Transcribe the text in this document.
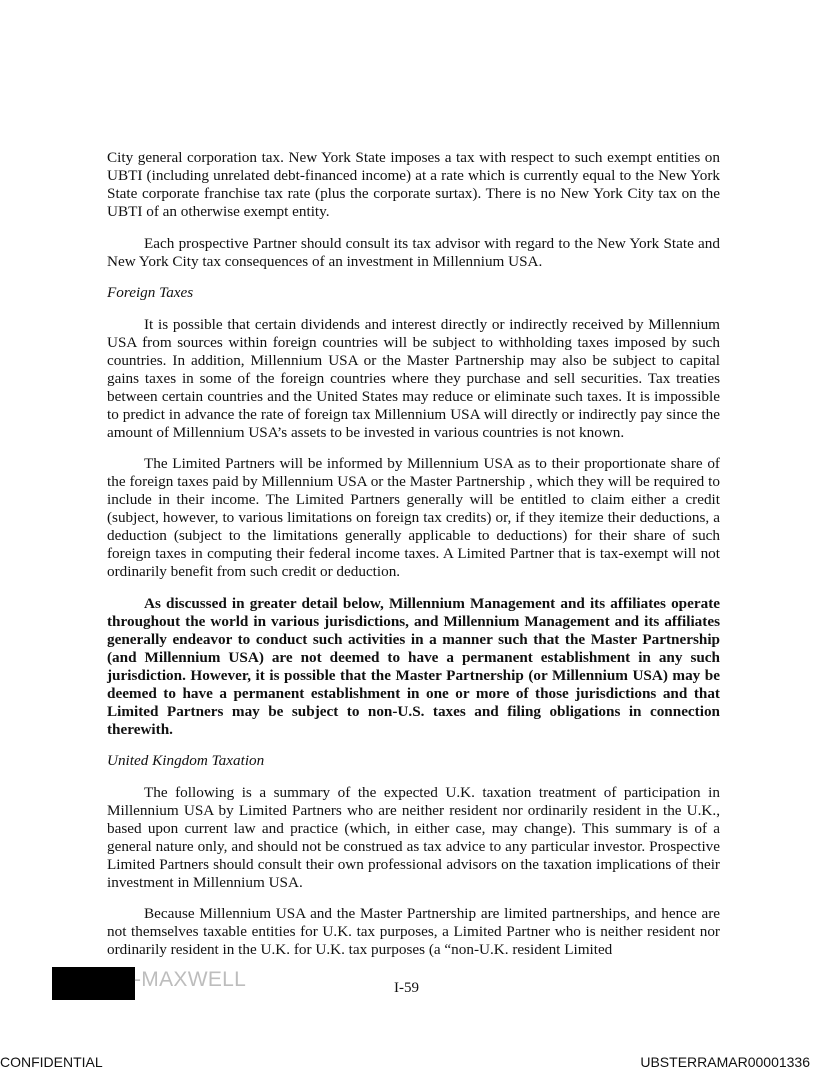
City general corporation tax. New York State imposes a tax with respect to such exempt entities on UBTI (including unrelated debt-financed income) at a rate which is currently equal to the New York State corporate franchise tax rate (plus the corporate surtax). There is no New York City tax on the UBTI of an otherwise exempt entity.

Each prospective Partner should consult its tax advisor with regard to the New York State and New York City tax consequences of an investment in Millennium USA.

Foreign Taxes

It is possible that certain dividends and interest directly or indirectly received by Millennium USA from sources within foreign countries will be subject to withholding taxes imposed by such countries. In addition, Millennium USA or the Master Partnership may also be subject to capital gains taxes in some of the foreign countries where they purchase and sell securities. Tax treaties between certain countries and the United States may reduce or eliminate such taxes. It is impossible to predict in advance the rate of foreign tax Millennium USA will directly or indirectly pay since the amount of Millennium USA’s assets to be invested in various countries is not known.

The Limited Partners will be informed by Millennium USA as to their proportionate share of the foreign taxes paid by Millennium USA or the Master Partnership , which they will be required to include in their income. The Limited Partners generally will be entitled to claim either a credit (subject, however, to various limitations on foreign tax credits) or, if they itemize their deductions, a deduction (subject to the limitations generally applicable to deductions) for their share of such foreign taxes in computing their federal income taxes. A Limited Partner that is tax-exempt will not ordinarily benefit from such credit or deduction.

As discussed in greater detail below, Millennium Management and its affiliates operate throughout the world in various jurisdictions, and Millennium Management and its affiliates generally endeavor to conduct such activities in a manner such that the Master Partnership (and Millennium USA) are not deemed to have a permanent establishment in any such jurisdiction. However, it is possible that the Master Partnership (or Millennium USA) may be deemed to have a permanent establishment in one or more of those jurisdictions and that Limited Partners may be subject to non-U.S. taxes and filing obligations in connection therewith.

United Kingdom Taxation

The following is a summary of the expected U.K. taxation treatment of participation in Millennium USA by Limited Partners who are neither resident nor ordinarily resident in the U.K., based upon current law and practice (which, in either case, may change). This summary is of a general nature only, and should not be construed as tax advice to any particular investor. Prospective Limited Partners should consult their own professional advisors on the taxation implications of their investment in Millennium USA.

Because Millennium USA and the Master Partnership are limited partnerships, and hence are not themselves taxable entities for U.K. tax purposes, a Limited Partner who is neither resident nor ordinarily resident in the U.K. for U.K. tax purposes (a “non-U.K. resident Limited

-MAXWELL	I-59
CONFIDENTIAL	UBSTERRAMAR00001336
